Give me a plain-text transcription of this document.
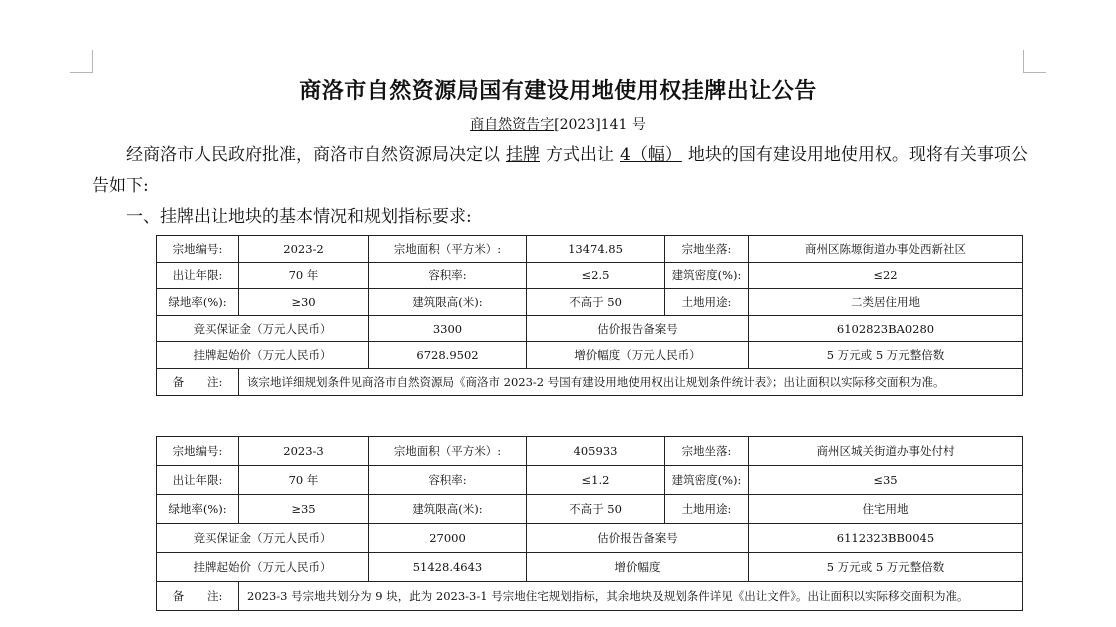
商洛市自然资源局国有建设用地使用权挂牌出让公告
商自然资告字[2023]141 号
经商洛市人民政府批准，商洛市自然资源局决定以 挂牌 方式出让 4（幅） 地块的国有建设用地使用权。现将有关事项公告如下:
一、挂牌出让地块的基本情况和规划指标要求:
宗地编号:	2023-2	宗地面积（平方米）:	13474.85	宗地坐落:	商州区陈塬街道办事处西新社区
出让年限:	70 年	容积率:	≤2.5	建筑密度(%):	≤22
绿地率(%):	≥30	建筑限高(米):	不高于 50	土地用途:	二类居住用地
竞买保证金（万元人民币）		3300	估价报告备案号		6102823BA0280
挂牌起始价（万元人民币）		6728.9502	增价幅度（万元人民币）		5 万元或 5 万元整倍数
备　　注:	该宗地详细规划条件见商洛市自然资源局《商洛市 2023-2 号国有建设用地使用权出让规划条件统计表》；出让面积以实际移交面积为准。				
宗地编号:	2023-3	宗地面积（平方米）:	405933	宗地坐落:	商州区城关街道办事处付村
出让年限:	70 年	容积率:	≤1.2	建筑密度(%):	≤35
绿地率(%):	≥35	建筑限高(米):	不高于 50	土地用途:	住宅用地
竞买保证金（万元人民币）		27000	估价报告备案号		6112323BB0045
挂牌起始价（万元人民币）		51428.4643	增价幅度		5 万元或 5 万元整倍数
备　　注:	2023-3 号宗地共划分为 9 块，此为 2023-3-1 号宗地住宅规划指标，其余地块及规划条件详见《出让文件》。出让面积以实际移交面积为准。				
